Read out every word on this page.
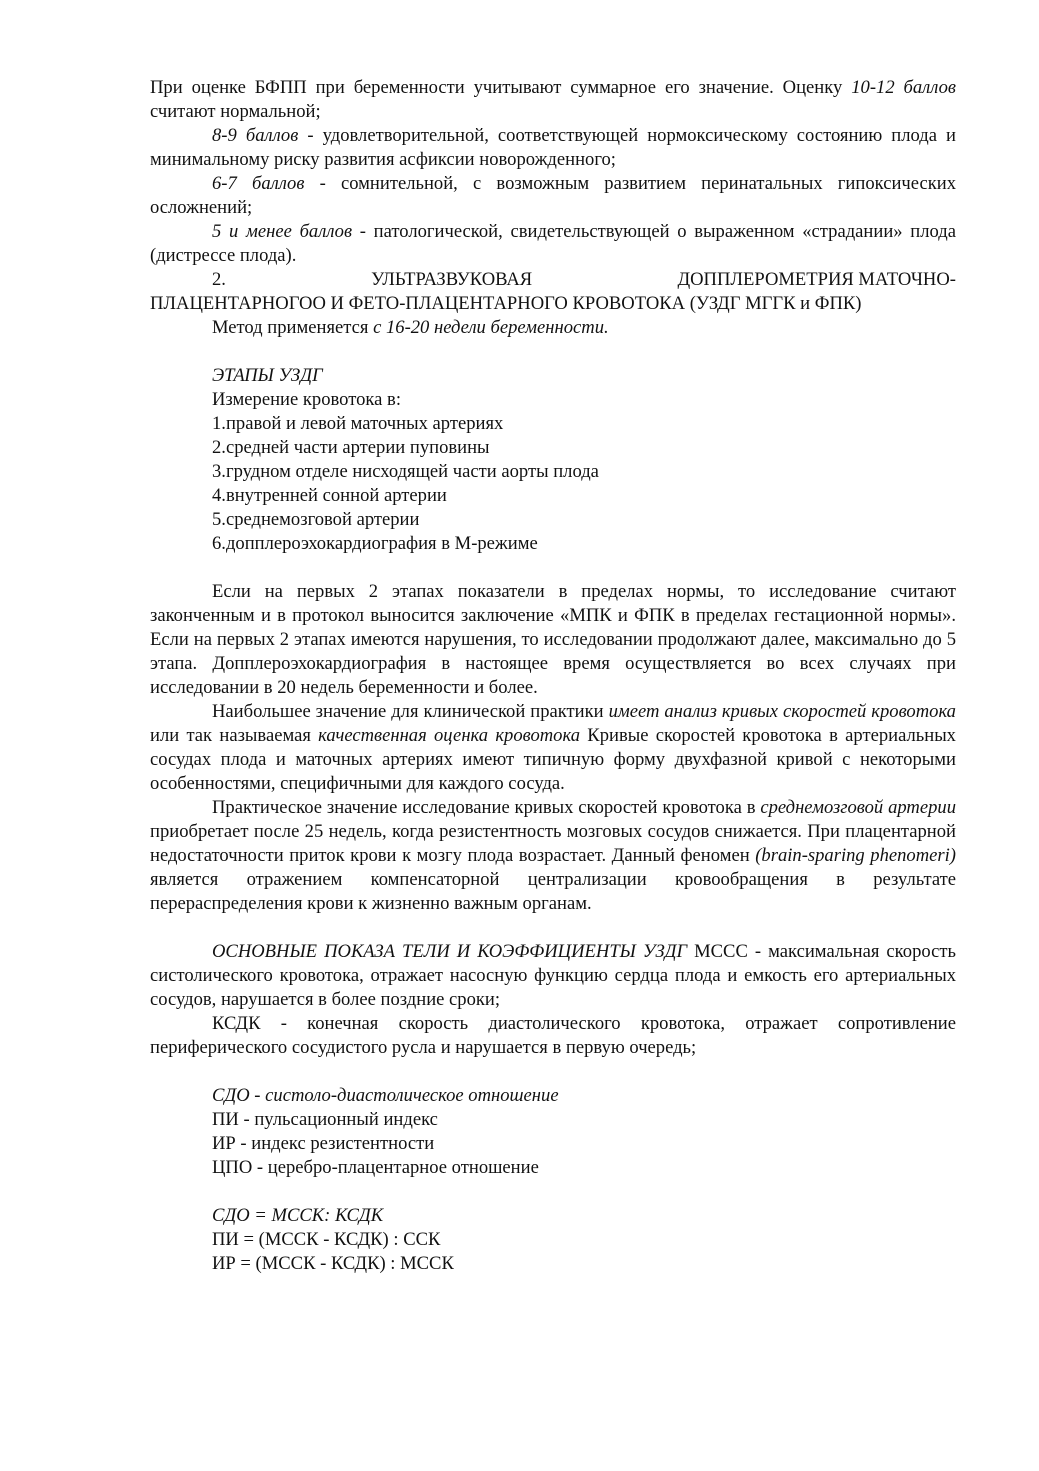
При оценке БФПП при беременности учитывают суммарное его значение. Оценку 10-12 баллов считают нормальной;

8-9 баллов - удовлетворительной, соответствующей нормоксическому состоянию плода и минимальному риску развития асфиксии новорожденного;

6-7 баллов - сомнительной, с возможным развитием перинатальных гипоксических осложнений;

5 и менее баллов - патологической, свидетельствующей о выраженном «страдании» плода (дистрессе плода).

2.	УЛЬТРАЗВУКОВАЯ	ДОППЛЕРОМЕТРИЯ МАТОЧНО-

ПЛАЦЕНТАРНОГОО И ФЕТО-ПЛАЦЕНТАРНОГО КРОВОТОКА (УЗДГ МГГК и ФПК)

Метод применяется с 16-20 недели беременности.

ЭТАПЫ УЗДГ

Измерение кровотока в:

1.правой и левой маточных артериях

2.средней части артерии пуповины

3.грудном отделе нисходящей части аорты плода

4.внутренней сонной артерии

5.среднемозговой артерии

6.допплероэхокардиография в М-режиме

Если на первых 2 этапах показатели в пределах нормы, то исследование считают законченным и в протокол выносится заключение «МПК и ФПК в пределах гестационной нормы». Если на первых 2 этапах имеются нарушения, то исследовании продолжают далее, максимально до 5 этапа. Допплероэхокардиография в настоящее время осуществляется во всех случаях при исследовании в 20 недель беременности и более.

Наибольшее значение для клинической практики имеет анализ кривых скоростей кровотока или так называемая качественная оценка кровотока Кривые скоростей кровотока в артериальных сосудах плода и маточных артериях имеют типичную форму двухфазной кривой с некоторыми особенностями, специфичными для каждого сосуда.

Практическое значение исследование кривых скоростей кровотока в среднемозговой артерии приобретает после 25 недель, когда резистентность мозговых сосудов снижается. При плацентарной недостаточности приток крови к мозгу плода возрастает. Данный феномен (brain-sparing phenomeri) является отражением компенсаторной централизации кровообращения в результате перераспределения крови к жизненно важным органам.

ОСНОВНЫЕ ПОКАЗА ТЕЛИ И КОЭФФИЦИЕНТЫ УЗДГ МССС - максимальная скорость систолического кровотока, отражает насосную функцию сердца плода и емкость его артериальных сосудов, нарушается в более поздние сроки;

КСДК - конечная скорость диастолического кровотока, отражает сопротивление периферического сосудистого русла и нарушается в первую очередь;

СДО - систоло-диастолическое отношение

ПИ - пульсационный индекс

ИР - индекс резистентности

ЦПО - церебро-плацентарное отношение

СДО = МССК: КСДК

ПИ = (МССК - КСДК) : ССК

ИР = (МССК - КСДК) : МССК
